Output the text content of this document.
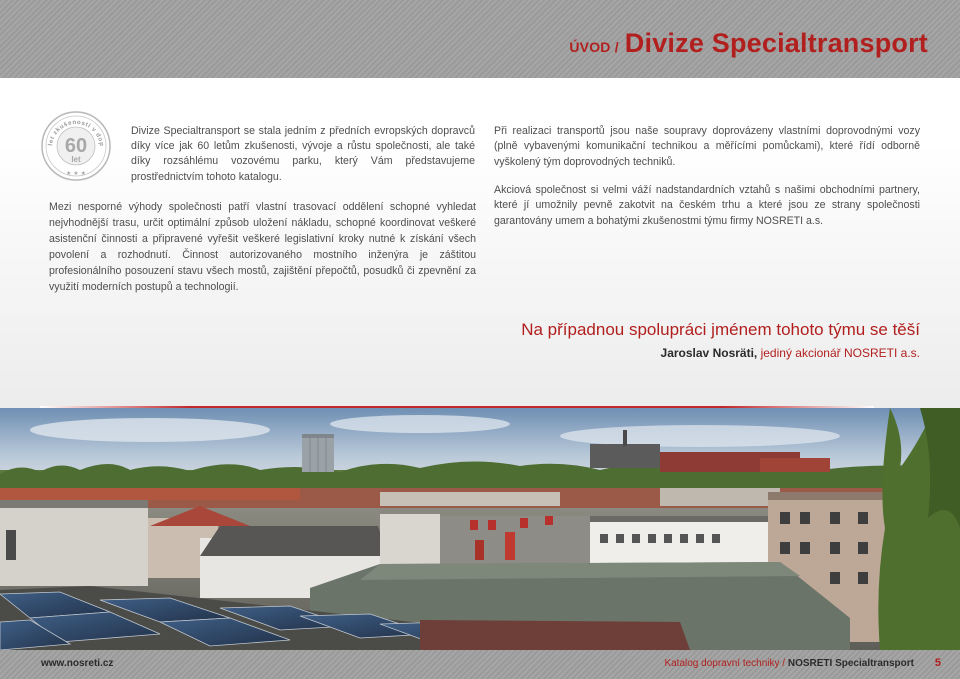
ÚVOD / Divize Specialtransport
let zkušeností v dop
60
let
★ ★ ★

Divize Specialtransport se stala jedním z předních evropských dopravců díky více jak 60 letům zkušenosti, vývoje a růstu společnosti, ale také díky rozsáhlému vozovému parku, který Vám představujeme prostřednictvím tohoto katalogu.

Mezi nesporné výhody společnosti patří vlastní trasovací oddělení schopné vyhledat nejvhodnější trasu, určit optimální způsob uložení nákladu, schopné koordinovat veškeré asistenční činnosti a připravené vyřešit veškeré legislativní kroky nutné k získání všech povolení a rozhodnutí. Činnost autorizovaného mostního inženýra je záštitou profesionálního posouzení stavu všech mostů, zajištění přepočtů, posudků či zpevnění za využití moderních postupů a technologií.

Při realizaci transportů jsou naše soupravy doprovázeny vlastními doprovodnými vozy (plně vybavenými komunikační technikou a měřícími pomůckami), které řídí odborně vyškolený tým doprovodných techniků.

Akciová společnost si velmi váží nadstandardních vztahů s našimi obchodními partnery, které jí umožnily pevně zakotvit na českém trhu a které jsou ze strany společnosti garantovány umem a bohatými zkušenostmi týmu firmy NOSRETI a.s.

Na případnou spolupráci jménem tohoto týmu se těší
Jaroslav Nosräti, jediný akcionář NOSRETI a.s.
www.nosreti.cz	Katalog dopravní techniky / NOSRETI Specialtransport 5
